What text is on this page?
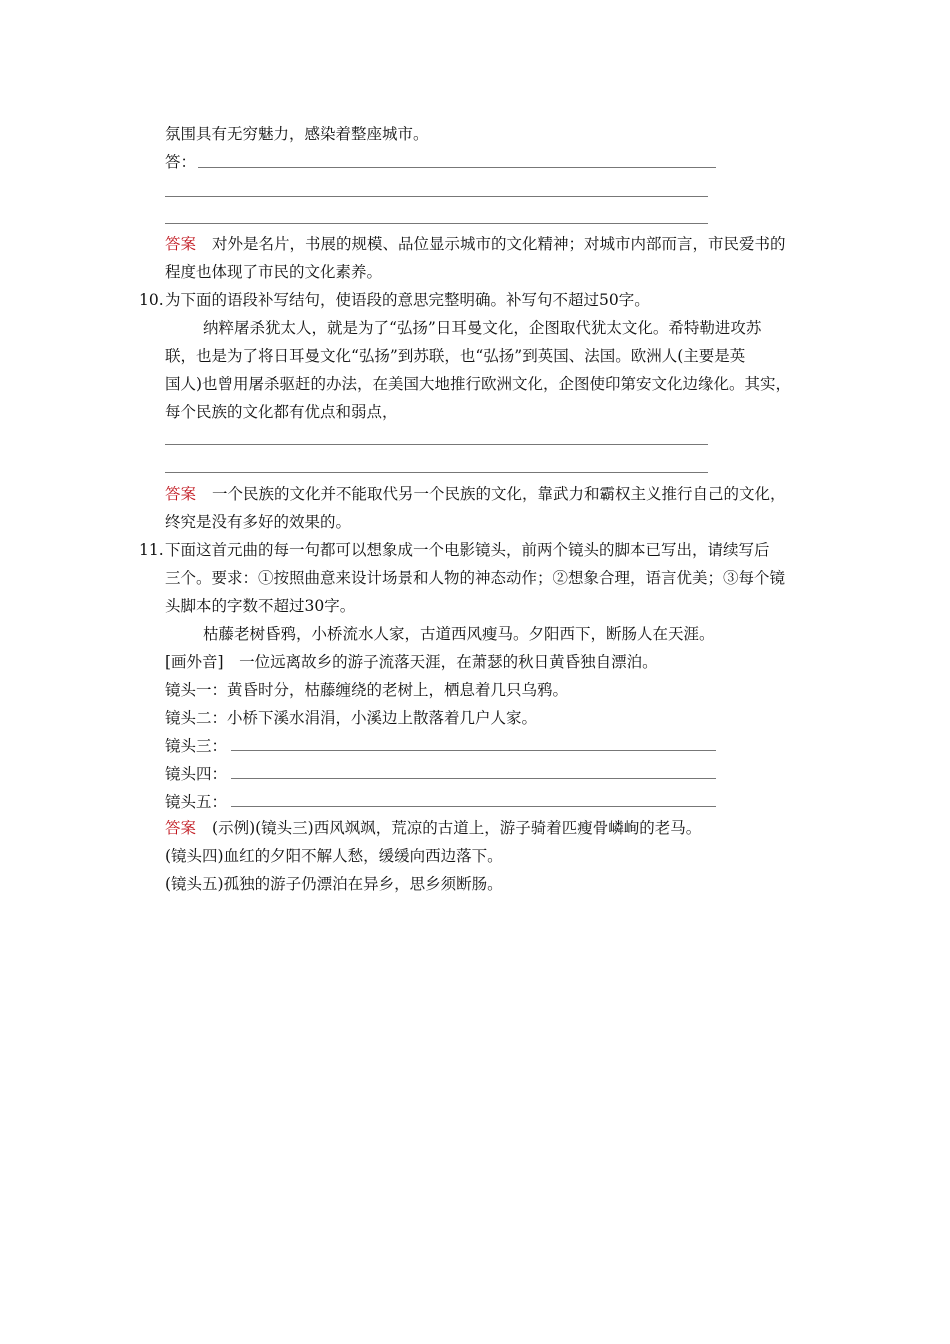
氛围具有无穷魅力，感染着整座城市。
答：
答案 对外是名片，书展的规模、品位显示城市的文化精神；对城市内部而言，市民爱书的
程度也体现了市民的文化素养。
10. 为下面的语段补写结句，使语段的意思完整明确。补写句不超过50字。
纳粹屠杀犹太人，就是为了“弘扬”日耳曼文化，企图取代犹太文化。希特勒进攻苏
联，也是为了将日耳曼文化“弘扬”到苏联，也“弘扬”到英国、法国。欧洲人(主要是英
国人)也曾用屠杀驱赶的办法，在美国大地推行欧洲文化，企图使印第安文化边缘化。其实，
每个民族的文化都有优点和弱点，
答案 一个民族的文化并不能取代另一个民族的文化，靠武力和霸权主义推行自己的文化，
终究是没有多好的效果的。
11. 下面这首元曲的每一句都可以想象成一个电影镜头，前两个镜头的脚本已写出，请续写后
三个。要求：①按照曲意来设计场景和人物的神态动作；②想象合理，语言优美；③每个镜
头脚本的字数不超过30字。
枯藤老树昏鸦，小桥流水人家，古道西风瘦马。夕阳西下，断肠人在天涯。
[画外音]　一位远离故乡的游子流落天涯，在萧瑟的秋日黄昏独自漂泊。
镜头一：黄昏时分，枯藤缠绕的老树上，栖息着几只乌鸦。
镜头二：小桥下溪水涓涓，小溪边上散落着几户人家。
镜头三：
镜头四：
镜头五：
答案 (示例)(镜头三)西风飒飒，荒凉的古道上，游子骑着匹瘦骨嶙峋的老马。
(镜头四)血红的夕阳不解人愁，缓缓向西边落下。
(镜头五)孤独的游子仍漂泊在异乡，思乡须断肠。
